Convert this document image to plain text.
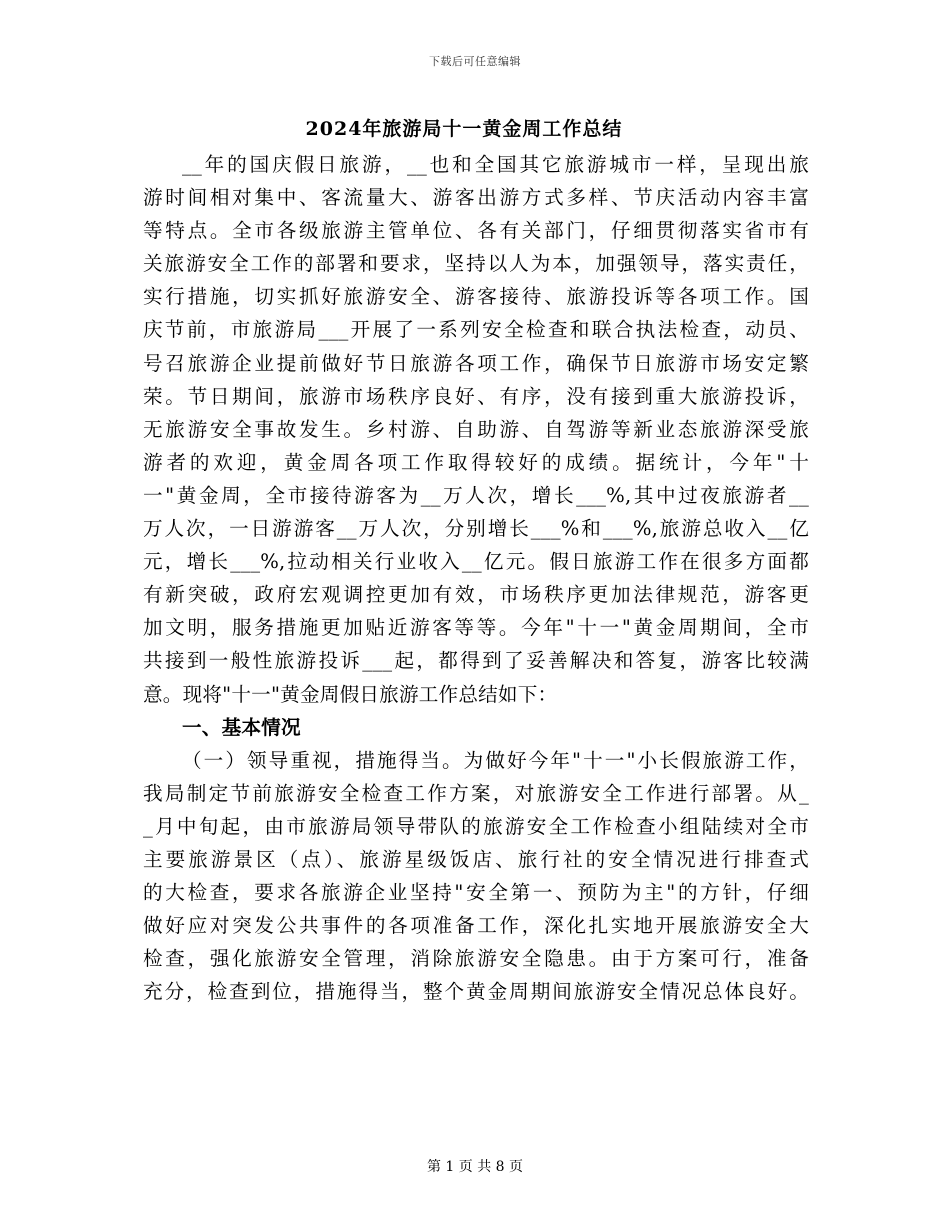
下载后可任意编辑
2024年旅游局十一黄金周工作总结
__年的国庆假日旅游，__也和全国其它旅游城市一样，呈现出旅
游时间相对集中、客流量大、游客出游方式多样、节庆活动内容丰富
等特点。全市各级旅游主管单位、各有关部门，仔细贯彻落实省市有
关旅游安全工作的部署和要求，坚持以人为本，加强领导，落实责任，
实行措施，切实抓好旅游安全、游客接待、旅游投诉等各项工作。国
庆节前，市旅游局___开展了一系列安全检查和联合执法检查，动员、
号召旅游企业提前做好节日旅游各项工作，确保节日旅游市场安定繁
荣。节日期间，旅游市场秩序良好、有序，没有接到重大旅游投诉，
无旅游安全事故发生。乡村游、自助游、自驾游等新业态旅游深受旅
游者的欢迎，黄金周各项工作取得较好的成绩。据统计，今年"十
一"黄金周，全市接待游客为__万人次，增长___%,其中过夜旅游者__
万人次，一日游游客__万人次，分别增长___%和___%,旅游总收入__亿
元，增长___%,拉动相关行业收入__亿元。假日旅游工作在很多方面都
有新突破，政府宏观调控更加有效，市场秩序更加法律规范，游客更
加文明，服务措施更加贴近游客等等。今年"十一"黄金周期间，全市
共接到一般性旅游投诉___起，都得到了妥善解决和答复，游客比较满
意。现将"十一"黄金周假日旅游工作总结如下：
一、基本情况
（一）领导重视，措施得当。为做好今年"十一"小长假旅游工作，
我局制定节前旅游安全检查工作方案，对旅游安全工作进行部署。从_
_月中旬起，由市旅游局领导带队的旅游安全工作检查小组陆续对全市
主要旅游景区（点）、旅游星级饭店、旅行社的安全情况进行排查式
的大检查，要求各旅游企业坚持"安全第一、预防为主"的方针，仔细
做好应对突发公共事件的各项准备工作，深化扎实地开展旅游安全大
检查，强化旅游安全管理，消除旅游安全隐患。由于方案可行，准备
充分，检查到位，措施得当，整个黄金周期间旅游安全情况总体良好。
第 1 页 共 8 页
